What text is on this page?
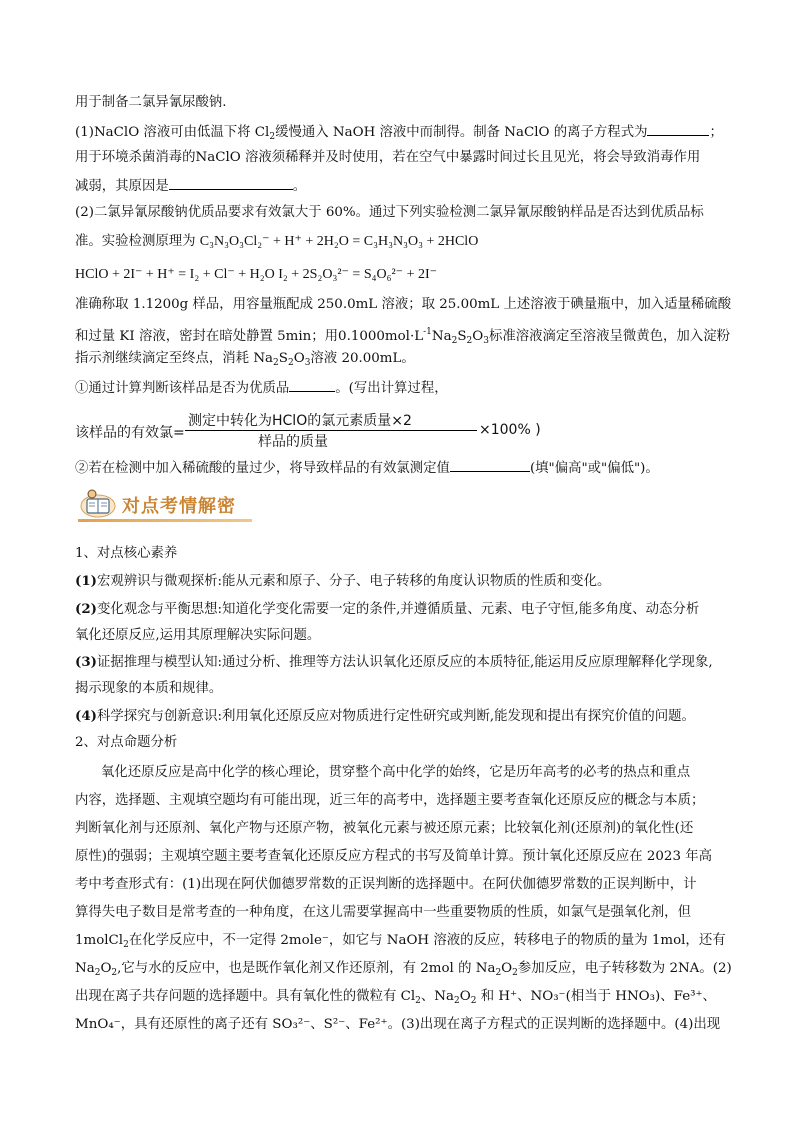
用于制备二氯异氰尿酸钠.
(1)NaClO 溶液可由低温下将 $Cl_2$缓慢通入 NaOH 溶液中而制得。制备 NaClO 的离子方程式为	；
用于环境杀菌消毒的NaClO 溶液须稀释并及时使用，若在空气中暴露时间过长且见光，将会导致消毒作用
减弱，其原因是	。
(2)二氯异氰尿酸钠优质品要求有效氯大于 60%。通过下列实验检测二氯异氰尿酸钠样品是否达到优质品标
准。实验检测原理为 C₃N₃O₃Cl₂⁻ + H⁺ + 2H₂O = C₃H₃N₃O₃ + 2HClO
HClO + 2I⁻ + H⁺ = I₂ + Cl⁻ + H₂O I₂ + 2S₂O₃²⁻ = S₄O₆²⁻ + 2I⁻
准确称取 1.1200g 样品，用容量瓶配成 250.0mL 溶液；取 25.00mL 上述溶液于碘量瓶中，加入适量稀硫酸
和过量 KI 溶液，密封在暗处静置 5min；用$0.1000mol\cdot L^{-1}Na_2S_2O_3$标准溶液滴定至溶液呈微黄色，加入淀粉
指示剂继续滴定至终点，消耗 $Na_2S_2O_3$溶液 20.00mL。
①通过计算判断该样品是否为优质品	。(写出计算过程，
该样品的有效氯=
测定中转化为HClO的氯元素质量×2
样品的质量
×100% )
②若在检测中加入稀硫酸的量过少，将导致样品的有效氯测定值	(填"偏高"或"偏低")。
对点考情解密
1、对点核心素养
(1)宏观辨识与微观探析:能从元素和原子、分子、电子转移的角度认识物质的性质和变化。
(2)变化观念与平衡思想:知道化学变化需要一定的条件,并遵循质量、元素、电子守恒,能多角度、动态分析
氧化还原反应,运用其原理解决实际问题。
(3)证据推理与模型认知:通过分析、推理等方法认识氧化还原反应的本质特征,能运用反应原理解释化学现象,
揭示现象的本质和规律。
(4)科学探究与创新意识:利用氧化还原反应对物质进行定性研究或判断,能发现和提出有探究价值的问题。
2、对点命题分析
氧化还原反应是高中化学的核心理论，贯穿整个高中化学的始终，它是历年高考的必考的热点和重点
内容，选择题、主观填空题均有可能出现，近三年的高考中，选择题主要考查氧化还原反应的概念与本质；
判断氧化剂与还原剂、氧化产物与还原产物，被氧化元素与被还原元素；比较氧化剂(还原剂)的氧化性(还
原性)的强弱；主观填空题主要考查氧化还原反应方程式的书写及简单计算。预计氧化还原反应在 2023 年高
考中考查形式有：(1)出现在阿伏伽德罗常数的正误判断的选择题中。在阿伏伽德罗常数的正误判断中，计
算得失电子数目是常考查的一种角度，在这儿需要掌握高中一些重要物质的性质，如氯气是强氧化剂，但
1molCl$_2$在化学反应中，不一定得 2mole⁻，如它与 NaOH 溶液的反应，转移电子的物质的量为 1mol，还有
$Na_2O_2$,它与水的反应中，也是既作氧化剂又作还原剂，有 2mol 的 $Na_2O_2$参加反应，电子转移数为 2NA。(2)
出现在离子共存问题的选择题中。具有氧化性的微粒有 $Cl_2$、$Na_2O_2$ 和 H⁺、NO₃⁻(相当于 HNO₃)、Fe³⁺、
MnO₄⁻，具有还原性的离子还有 SO₃²⁻、S²⁻、Fe²⁺。(3)出现在离子方程式的正误判断的选择题中。(4)出现
